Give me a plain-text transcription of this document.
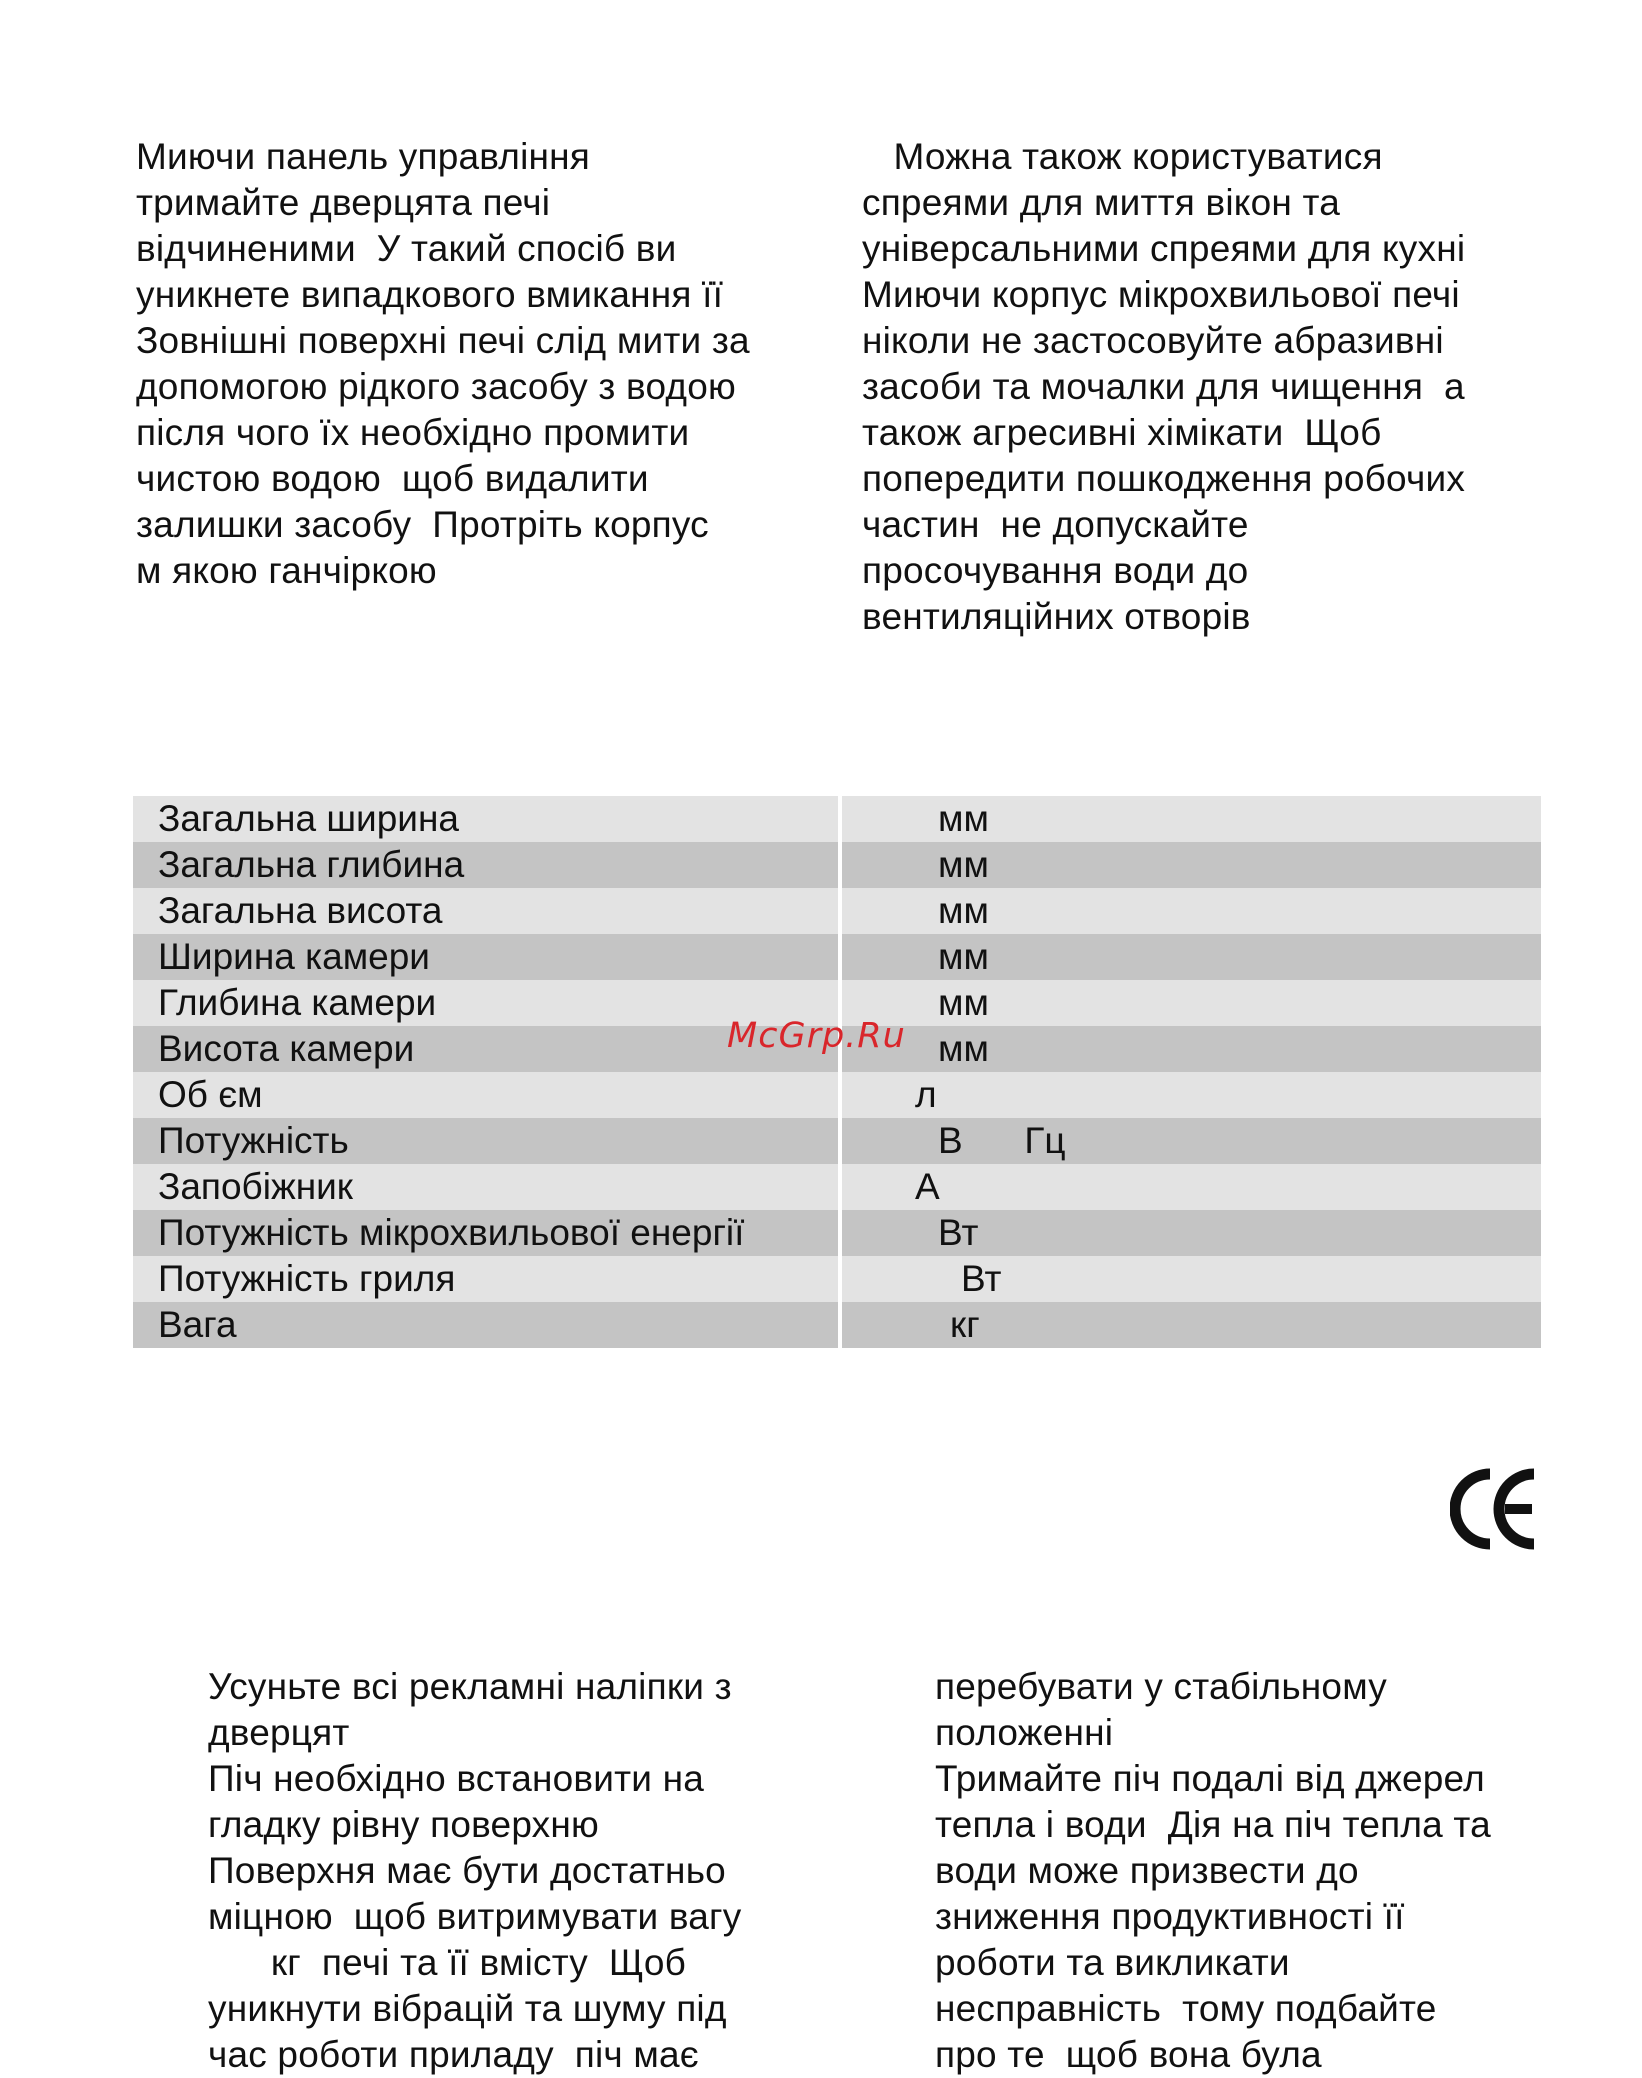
Миючи панель управління
тримайте дверцята печі
відчиненими  У такий спосіб ви
уникнете випадкового вмикання її
Зовнішні поверхні печі слід мити за
допомогою рідкого засобу з водою
після чого їх необхідно промити
чистою водою  щоб видалити
залишки засобу  Протріть корпус
м якою ганчіркою
Можна також користуватися
спреями для миття вікон та
універсальними спреями для кухні
Миючи корпус мікрохвильової печі
ніколи не застосовуйте абразивні
засоби та мочалки для чищення  а
також агресивні хімікати  Щоб
попередити пошкодження робочих
частин  не допускайте
просочування води до
вентиляційних отворів
Загальна ширина	мм
Загальна глибина	мм
Загальна висота	мм
Ширина камери	мм
Глибина камери	мм
Висота камери	мм
Об єм	л
Потужність	В      Гц
Запобіжник	А
Потужність мікрохвильової енергії	Вт
Потужність гриля	Вт
Вага	кг
McGrp.Ru
Усуньте всі рекламні наліпки з
дверцят
Піч необхідно встановити на
гладку рівну поверхню
Поверхня має бути достатньо
міцною  щоб витримувати вагу
кг  печі та її вмісту  Щоб
уникнути вібрацій та шуму під
час роботи приладу  піч має
перебувати у стабільному
положенні
Тримайте піч подалі від джерел
тепла і води  Дія на піч тепла та
води може призвести до
зниження продуктивності її
роботи та викликати
несправність  тому подбайте
про те  щоб вона була
